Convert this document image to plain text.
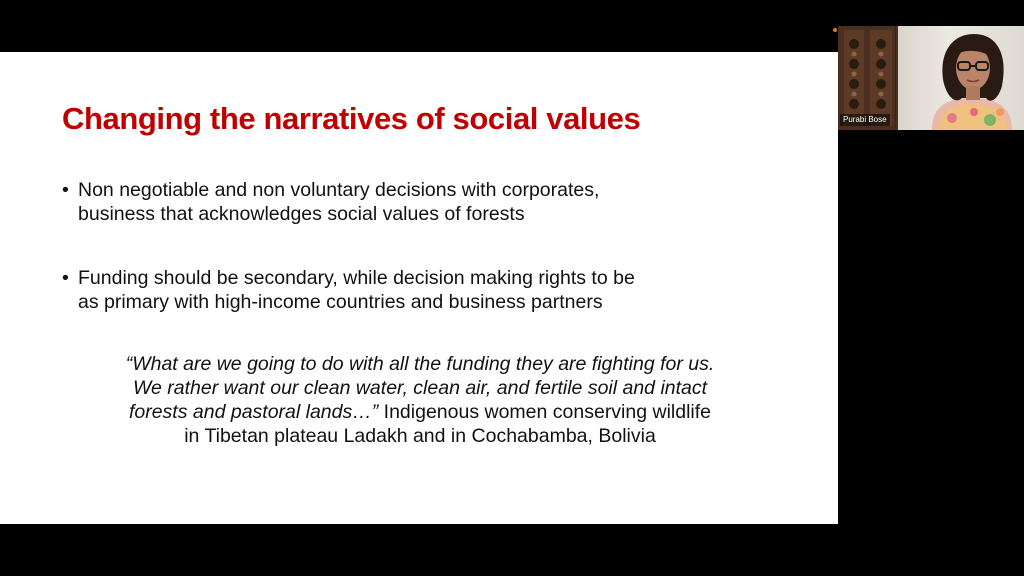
Changing the narratives of social values
• Non negotiable and non voluntary decisions with corporates,
business that acknowledges social values of forests
• Funding should be secondary, while decision making rights to be
as primary with high-income countries and business partners

“What are we going to do with all the funding they are fighting for us.
We rather want our clean water, clean air, and fertile soil and intact
forests and pastoral lands…” Indigenous women conserving wildlife
in Tibetan plateau Ladakh and in Cochabamba, Bolivia

Purabi Bose
